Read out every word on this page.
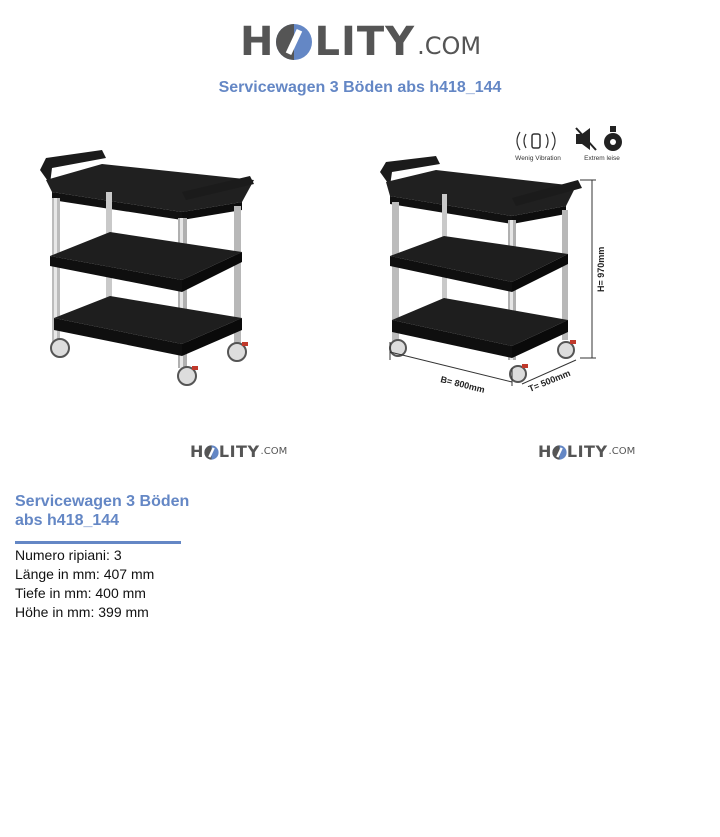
H LITY .COM
Servicewagen 3 Böden abs h418_144
Wenig Vibration	Extrem leise
B= 800mm	T= 500mm
H= 970mm
H LITY .COM	H LITY .COM
Servicewagen 3 Böden abs h418_144
Numero ripiani: 3
Länge in mm: 407 mm
Tiefe in mm: 400 mm
Höhe in mm: 399 mm
